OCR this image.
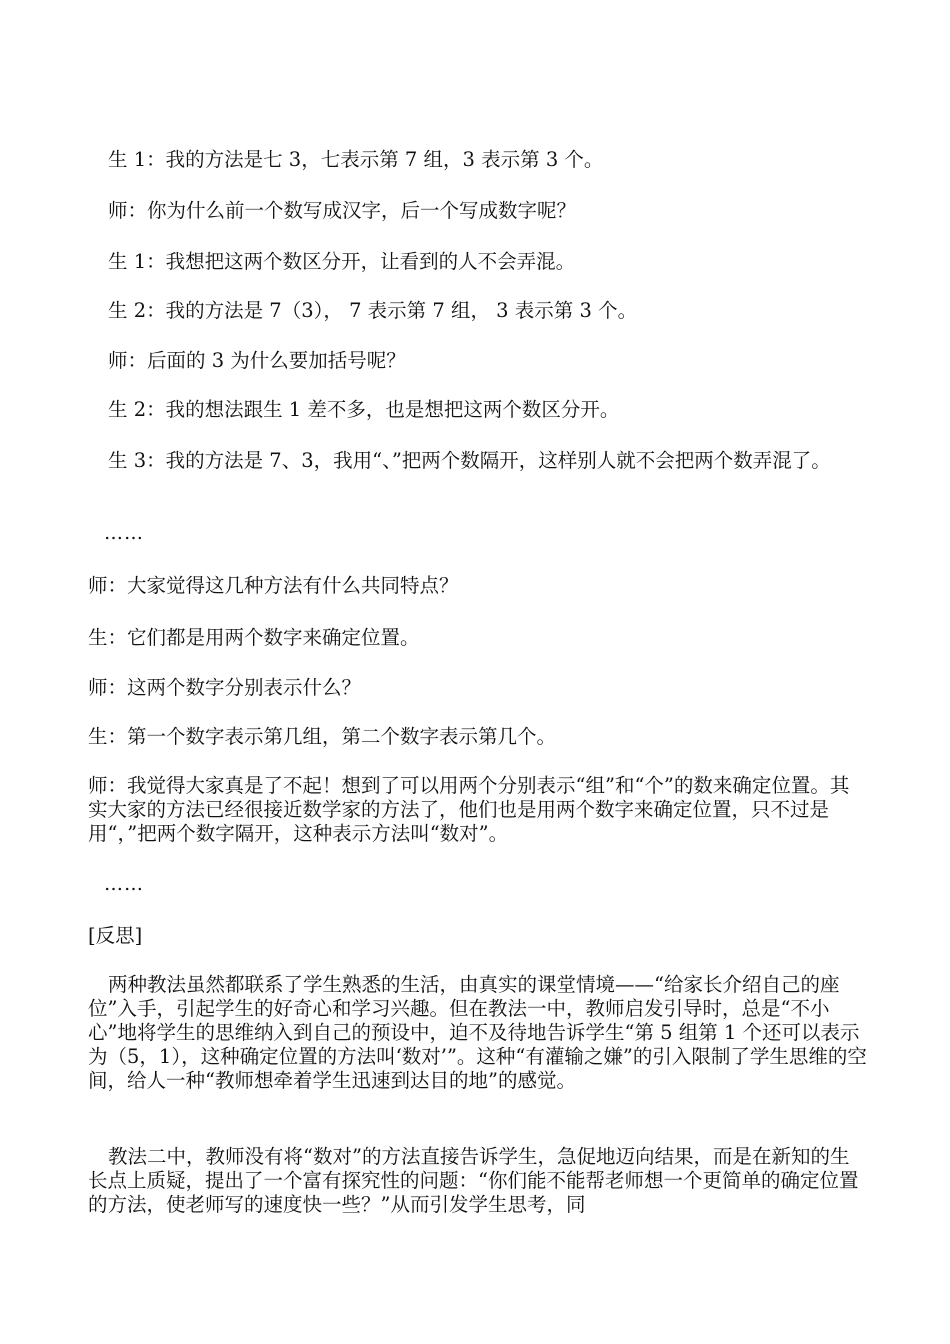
生 1：我的方法是七 3，七表示第 7 组，3 表示第 3 个。
师：你为什么前一个数写成汉字，后一个写成数字呢？
生 1：我想把这两个数区分开，让看到的人不会弄混。
生 2：我的方法是 7（3）， 7 表示第 7 组， 3 表示第 3 个。
师：后面的 3 为什么要加括号呢？
生 2：我的想法跟生 1 差不多，也是想把这两个数区分开。
生 3：我的方法是 7、3，我用“、”把两个数隔开，这样别人就不会把两个数弄混了。
……
师：大家觉得这几种方法有什么共同特点？
生：它们都是用两个数字来确定位置。
师：这两个数字分别表示什么？
生：第一个数字表示第几组，第二个数字表示第几个。
师：我觉得大家真是了不起！想到了可以用两个分别表示“组”和“个”的数来确定位置。其实大家的方法已经很接近数学家的方法了，他们也是用两个数字来确定位置，只不过是用“，”把两个数字隔开，这种表示方法叫“数对”。
……
[反思]
两种教法虽然都联系了学生熟悉的生活，由真实的课堂情境——“给家长介绍自己的座位”入手，引起学生的好奇心和学习兴趣。但在教法一中，教师启发引导时，总是“不小心”地将学生的思维纳入到自己的预设中，迫不及待地告诉学生“第 5 组第 1 个还可以表示为（5，1），这种确定位置的方法叫‘数对’”。这种“有灌输之嫌”的引入限制了学生思维的空间，给人一种“教师想牵着学生迅速到达目的地”的感觉。
教法二中，教师没有将“数对”的方法直接告诉学生，急促地迈向结果，而是在新知的生长点上质疑，提出了一个富有探究性的问题：“你们能不能帮老师想一个更简单的确定位置的方法，使老师写的速度快一些？”从而引发学生思考，同
